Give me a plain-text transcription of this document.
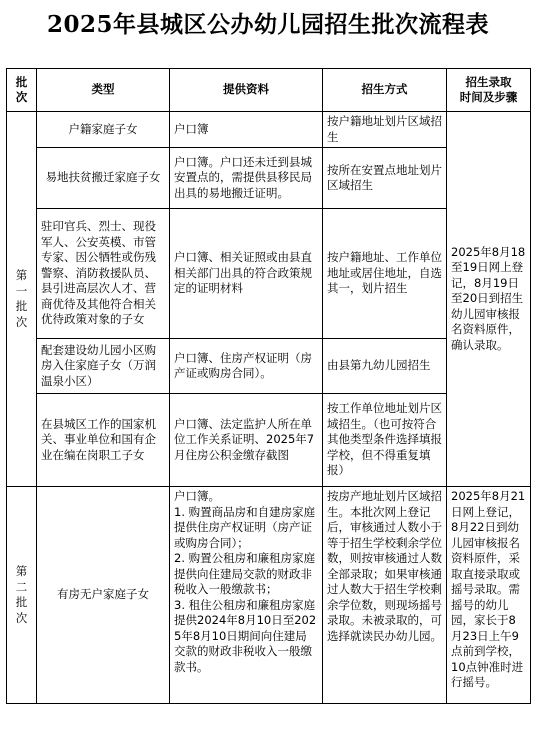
2025年县城区公办幼儿园招生批次流程表
批
次	类型	提供资料	招生方式	招生录取
时间及步骤
第
一
批
次	户籍家庭子女	户口簿	按户籍地址划片区域招生	2025年8月18至19日网上登记，8月19日至20日到招生幼儿园审核报名资料原件，确认录取。
	易地扶贫搬迁家庭子女	户口簿。户口还未迁到县城安置点的，需提供县移民局出具的易地搬迁证明。	按所在安置点地址划片区域招生	
	驻印官兵、烈士、现役军人、公安英模、市管专家、因公牺牲或伤残警察、消防救援队员、县引进高层次人才、营商优待及其他符合相关优待政策对象的子女	户口簿、相关证照或由县直相关部门出具的符合政策规定的证明材料	按户籍地址、工作单位地址或居住地址，自选其一，划片招生	
	配套建设幼儿园小区购房入住家庭子女（万润温泉小区）	户口簿、住房产权证明（房产证或购房合同）。	由县第九幼儿园招生	
	在县城区工作的国家机关、事业单位和国有企业在编在岗职工子女	户口簿、法定监护人所在单位工作关系证明、2025年7月住房公积金缴存截图	按工作单位地址划片区域招生。（也可按符合其他类型条件选择填报学校，但不得重复填报）	
第
二
批
次	有房无户家庭子女	户口簿。
1. 购置商品房和自建房家庭提供住房产权证明（房产证或购房合同）；
2. 购置公租房和廉租房家庭提供向住建局交款的财政非税收入一般缴款书；
3. 租住公租房和廉租房家庭提供2024年8月10日至2025年8月10日期间向住建局交款的财政非税收入一般缴款书。	按房产地址划片区域招生。本批次网上登记后，审核通过人数小于等于招生学校剩余学位数，则按审核通过人数全部录取；如果审核通过人数大于招生学校剩余学位数，则现场摇号录取。未被录取的，可选择就读民办幼儿园。	2025年8月21日网上登记，8月22日到幼儿园审核报名资料原件，采取直接录取或摇号录取。需摇号的幼儿园，家长于8月23日上午9点前到学校，10点钟准时进行摇号。
